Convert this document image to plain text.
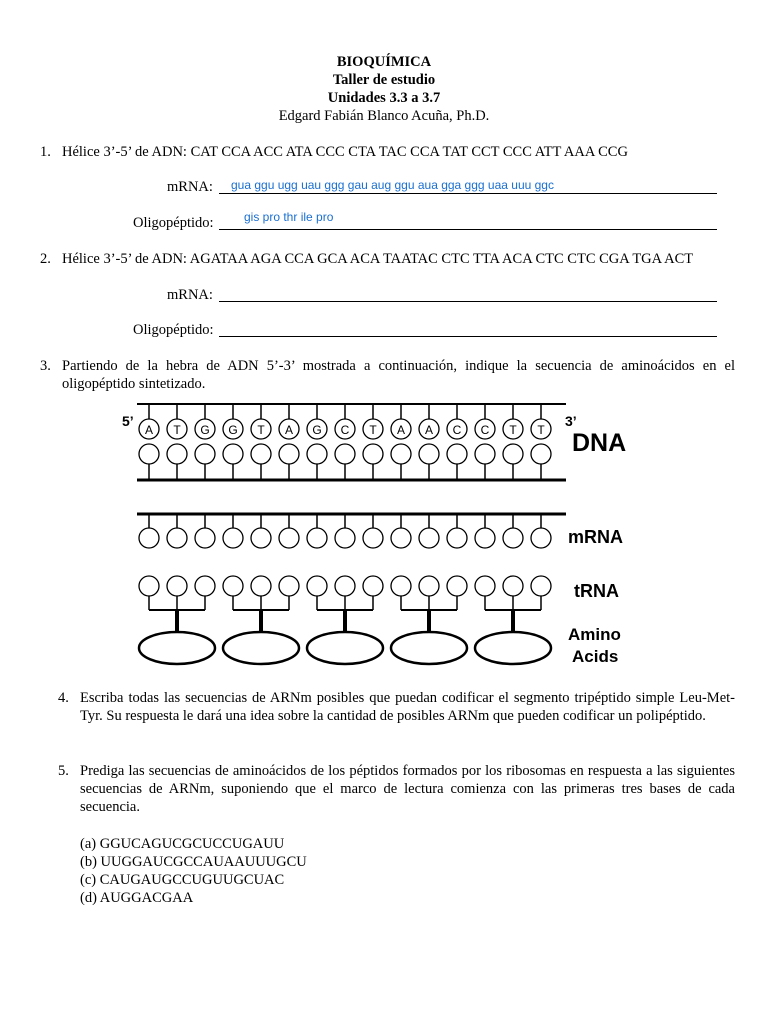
BIOQUÍMICA
Taller de estudio
Unidades 3.3 a 3.7
Edgard Fabián Blanco Acuña, Ph.D.
1. Hélice 3’-5’ de ADN: CAT CCA ACC ATA CCC CTA TAC CCA TAT CCT CCC ATT AAA CCG
mRNA: gua ggu ugg uau ggg gau aug ggu aua gga ggg uaa uuu ggc
Oligopéptido:	gis pro thr ile pro
2. Hélice 3’-5’ de ADN: AGATAA AGA CCA GCA ACA TAATAC CTC TTA ACA CTC CTC CGA TGA ACT
mRNA:
Oligopéptido:
3. Partiendo de la hebra de ADN 5’-3’ mostrada a continuación, indique la secuencia de aminoácidos en el oligopéptido sintetizado.
A T G G T A G C T A A C C T T
5’	3’
DNA
mRNA
tRNA
Amino
Acids
4. Escriba todas las secuencias de ARNm posibles que puedan codificar el segmento tripéptido simple Leu-Met-Tyr. Su respuesta le dará una idea sobre la cantidad de posibles ARNm que pueden codificar un polipéptido.
5. Prediga las secuencias de aminoácidos de los péptidos formados por los ribosomas en respuesta a las siguientes secuencias de ARNm, suponiendo que el marco de lectura comienza con las primeras tres bases de cada secuencia.
(a) GGUCAGUCGCUCCUGAUU
(b) UUGGAUCGCCAUAAUUUGCU
(c) CAUGAUGCCUGUUGCUAC
(d) AUGGACGAA
